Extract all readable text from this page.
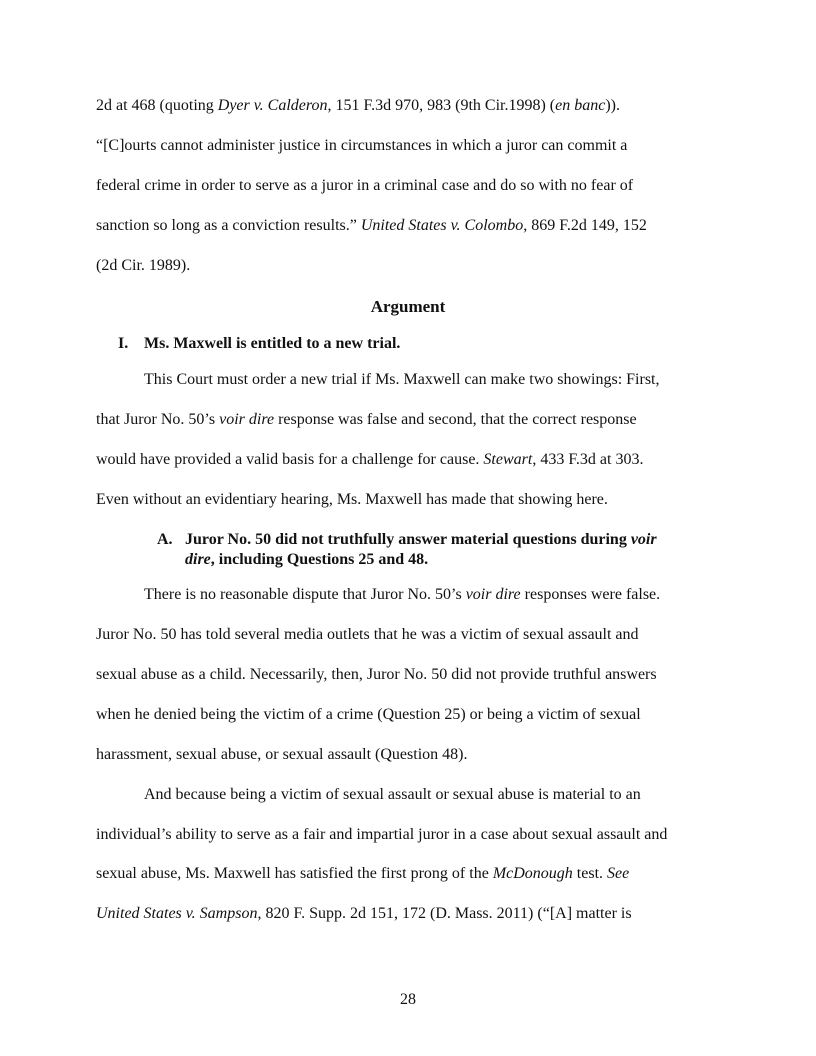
2d at 468 (quoting Dyer v. Calderon, 151 F.3d 970, 983 (9th Cir.1998) (en banc)).
“[C]ourts cannot administer justice in circumstances in which a juror can commit a
federal crime in order to serve as a juror in a criminal case and do so with no fear of
sanction so long as a conviction results.” United States v. Colombo, 869 F.2d 149, 152
(2d Cir. 1989).
Argument
I. Ms. Maxwell is entitled to a new trial.
This Court must order a new trial if Ms. Maxwell can make two showings: First,
that Juror No. 50’s voir dire response was false and second, that the correct response
would have provided a valid basis for a challenge for cause. Stewart, 433 F.3d at 303.
Even without an evidentiary hearing, Ms. Maxwell has made that showing here.
A. Juror No. 50 did not truthfully answer material questions during voir
dire, including Questions 25 and 48.
There is no reasonable dispute that Juror No. 50’s voir dire responses were false.
Juror No. 50 has told several media outlets that he was a victim of sexual assault and
sexual abuse as a child. Necessarily, then, Juror No. 50 did not provide truthful answers
when he denied being the victim of a crime (Question 25) or being a victim of sexual
harassment, sexual abuse, or sexual assault (Question 48).
And because being a victim of sexual assault or sexual abuse is material to an
individual’s ability to serve as a fair and impartial juror in a case about sexual assault and
sexual abuse, Ms. Maxwell has satisfied the first prong of the McDonough test. See
United States v. Sampson, 820 F. Supp. 2d 151, 172 (D. Mass. 2011) (“[A] matter is
28
